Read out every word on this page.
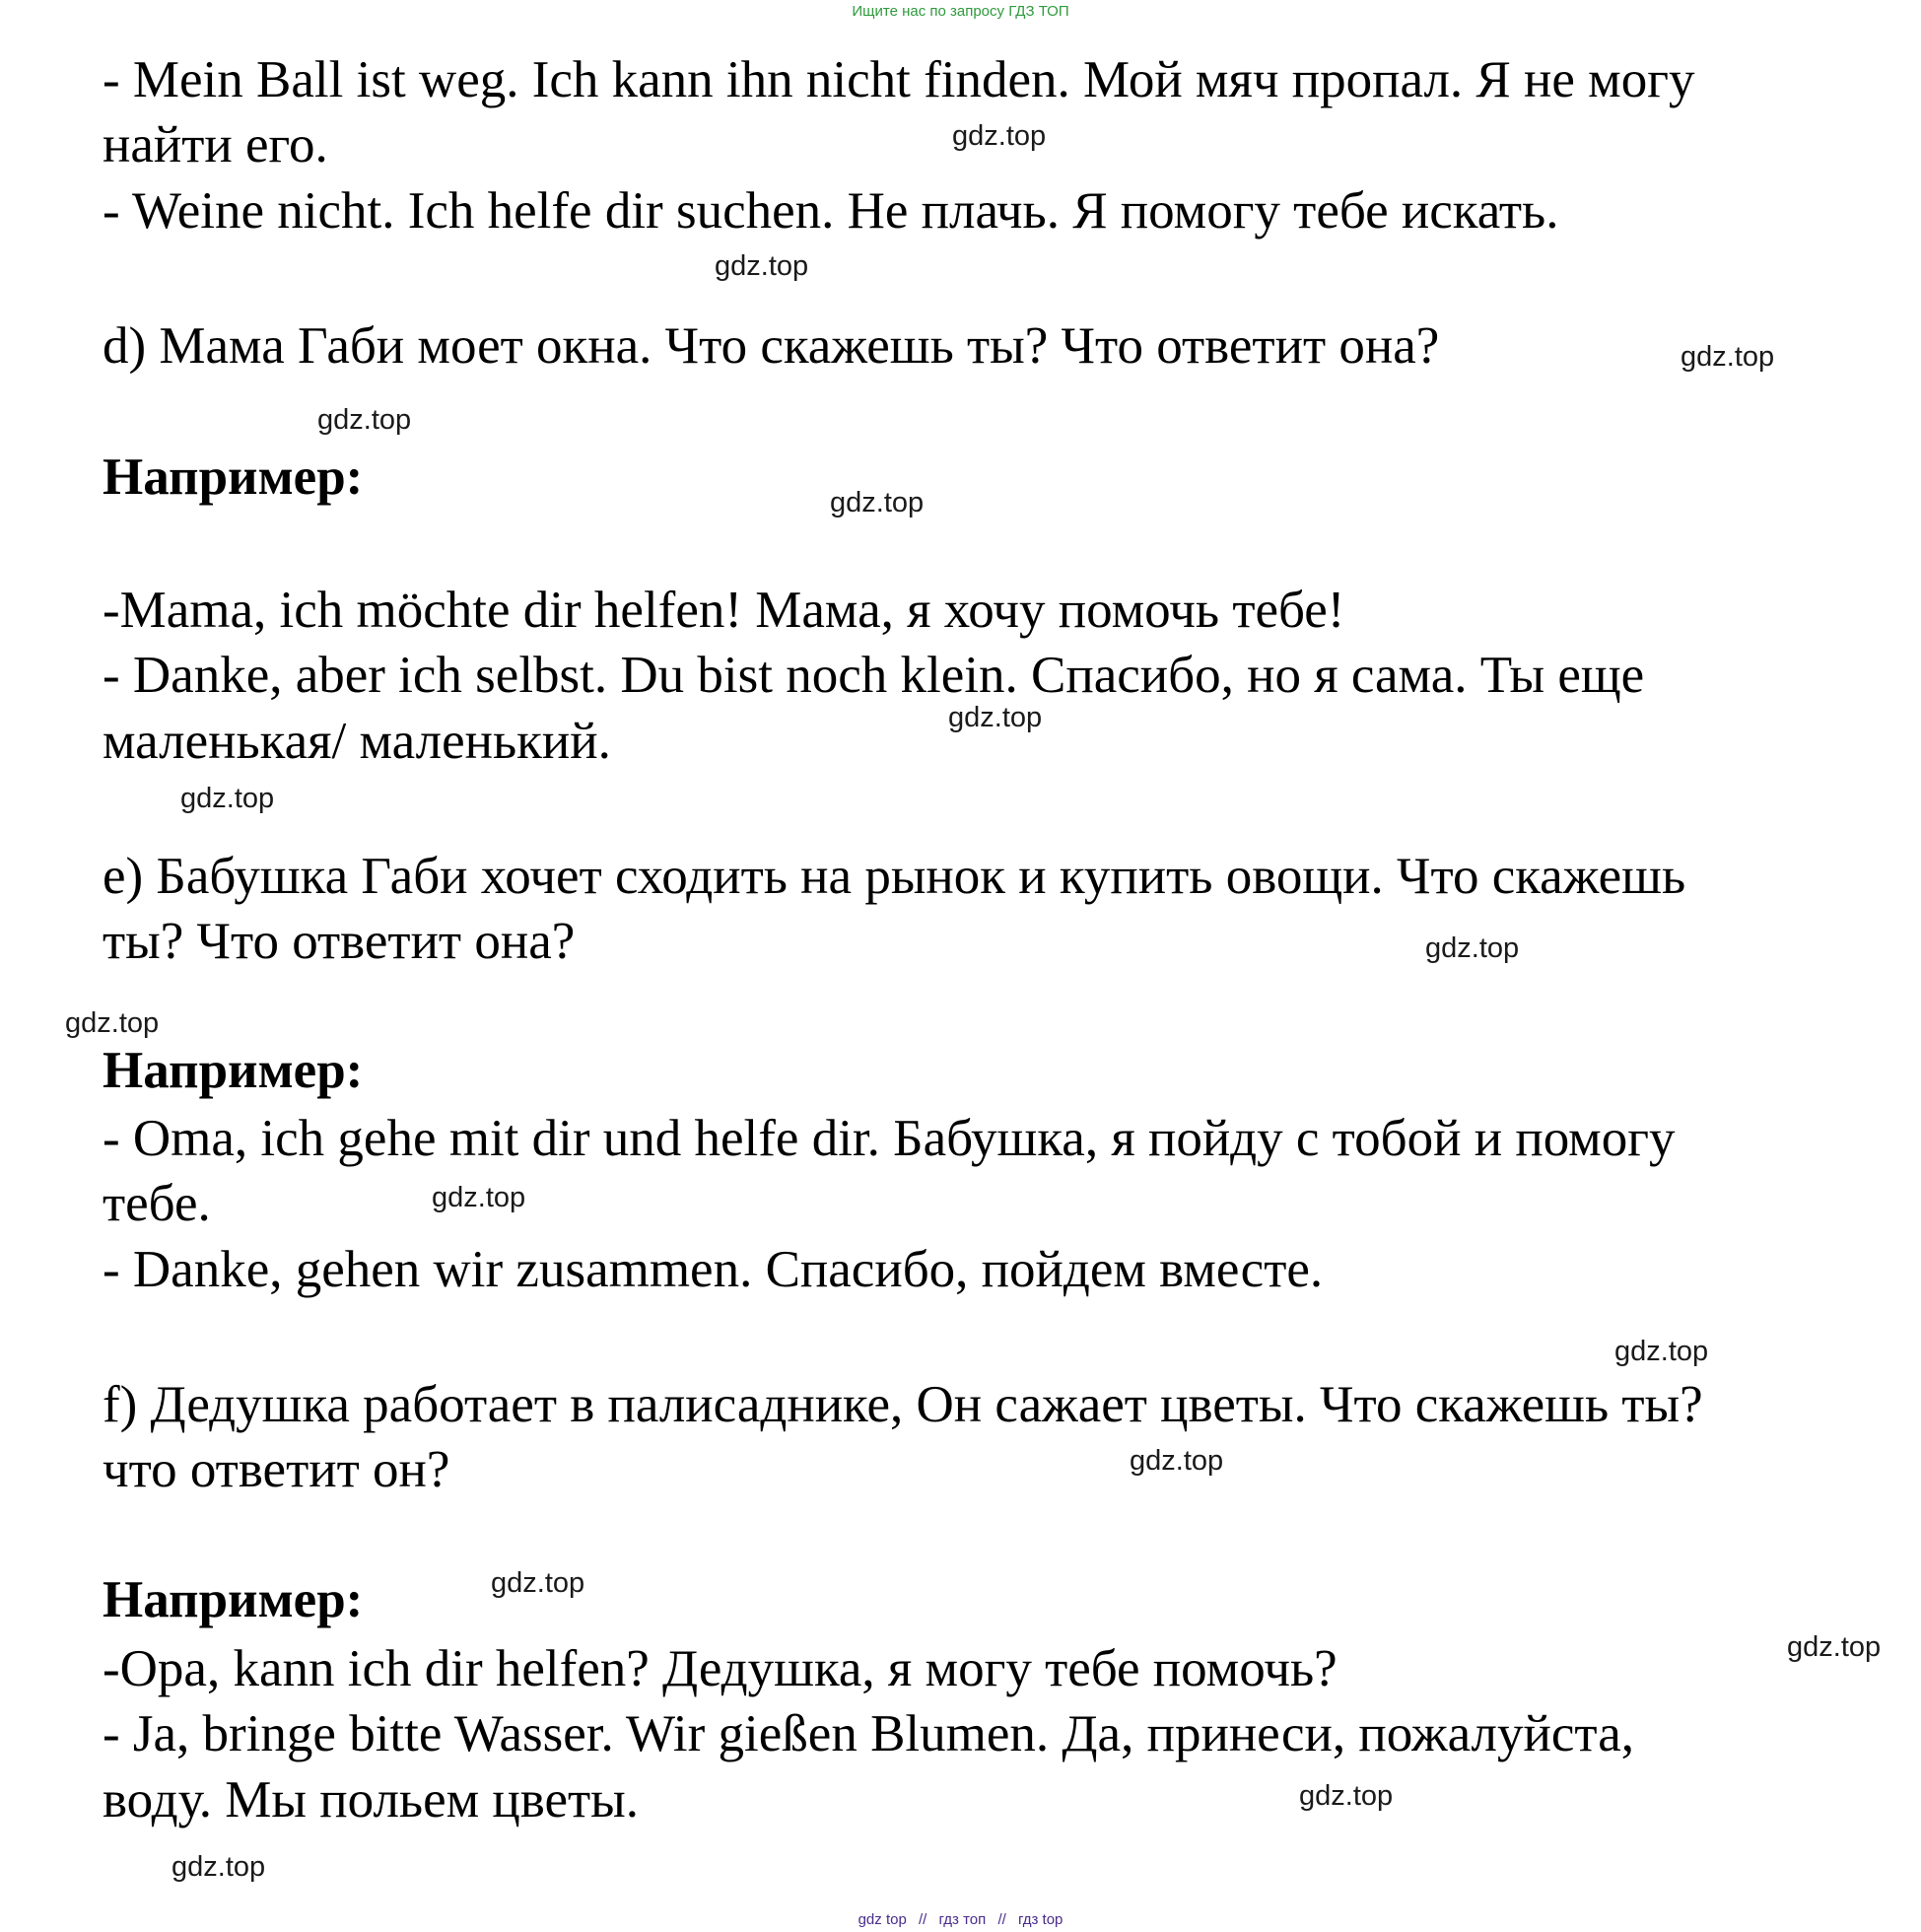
Ищите нас по запросу ГДЗ ТОП
- Mein Ball ist weg. Ich kann ihn nicht finden. Мой мяч пропал. Я не могу
найти его.
- Weine nicht. Ich helfe dir suchen. Не плачь. Я помогу тебе искать.
d) Мама Габи моет окна. Что скажешь ты? Что ответит она?
Например:
-Mama, ich möchte dir helfen! Мама, я хочу помочь тебе!
- Danke, aber ich selbst. Du bist noch klein. Спасибо, но я сама. Ты еще
маленькая/ маленький.
е) Бабушка Габи хочет сходить на рынок и купить овощи. Что скажешь
ты? Что ответит она?
Например:
- Oma, ich gehe mit dir und helfe dir. Бабушка, я пойду с тобой и помогу
тебе.
- Danke, gehen wir zusammen. Спасибо, пойдем вместе.
f) Дедушка работает в палисаднике, Он сажает цветы. Что скажешь ты?
что ответит он?
Например:
-Opa, kann ich dir helfen? Дедушка, я могу тебе помочь?
- Ja, bringe bitte Wasser. Wir gießen Blumen. Да, принеси, пожалуйста,
воду. Мы польем цветы.
gdz.top
gdz.top
gdz.top
gdz.top
gdz.top
gdz.top
gdz.top
gdz.top
gdz.top
gdz.top
gdz.top
gdz.top
gdz.top
gdz.top
gdz.top
gdz.top
gdz top // гдз топ // гдз top
